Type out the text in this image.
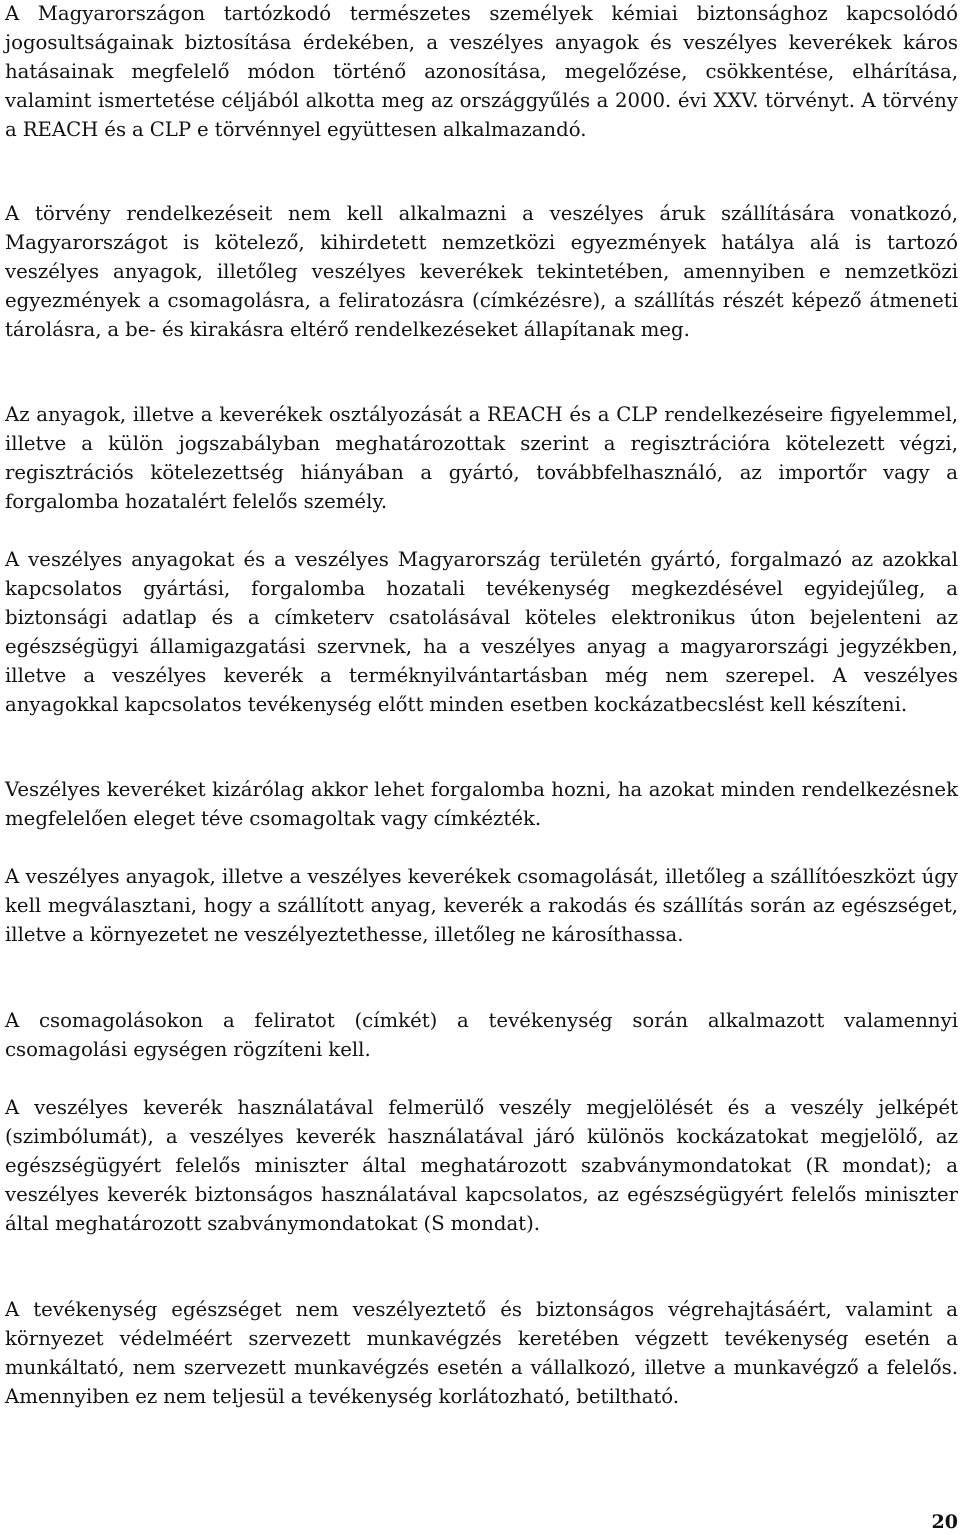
A Magyarországon tartózkodó természetes személyek kémiai biztonsághoz kapcsolódó jogosultságainak biztosítása érdekében, a veszélyes anyagok és veszélyes keverékek káros hatásainak megfelelő módon történő azonosítása, megelőzése, csökkentése, elhárítása, valamint ismertetése céljából alkotta meg az országgyűlés a 2000. évi XXV. törvényt. A törvény a REACH és a CLP e törvénnyel együttesen alkalmazandó.

A törvény rendelkezéseit nem kell alkalmazni a veszélyes áruk szállítására vonatkozó, Magyarországot is kötelező, kihirdetett nemzetközi egyezmények hatálya alá is tartozó veszélyes anyagok, illetőleg veszélyes keverékek tekintetében, amennyiben e nemzetközi egyezmények a csomagolásra, a feliratozásra (címkézésre), a szállítás részét képező átmeneti tárolásra, a be- és kirakásra eltérő rendelkezéseket állapítanak meg.

Az anyagok, illetve a keverékek osztályozását a REACH és a CLP rendelkezéseire figyelemmel, illetve a külön jogszabályban meghatározottak szerint a regisztrációra kötelezett végzi, regisztrációs kötelezettség hiányában a gyártó, továbbfelhasználó, az importőr vagy a forgalomba hozatalért felelős személy.

A veszélyes anyagokat és a veszélyes Magyarország területén gyártó, forgalmazó az azokkal kapcsolatos gyártási, forgalomba hozatali tevékenység megkezdésével egyidejűleg, a biztonsági adatlap és a címketerv csatolásával köteles elektronikus úton bejelenteni az egészségügyi államigazgatási szervnek, ha a veszélyes anyag a magyarországi jegyzékben, illetve a veszélyes keverék a terméknyilvántartásban még nem szerepel. A veszélyes anyagokkal kapcsolatos tevékenység előtt minden esetben kockázatbecslést kell készíteni.

Veszélyes keveréket kizárólag akkor lehet forgalomba hozni, ha azokat minden rendelkezésnek megfelelően eleget téve csomagoltak vagy címkézték.

A veszélyes anyagok, illetve a veszélyes keverékek csomagolását, illetőleg a szállítóeszközt úgy kell megválasztani, hogy a szállított anyag, keverék a rakodás és szállítás során az egészséget, illetve a környezetet ne veszélyeztethesse, illetőleg ne károsíthassa.

A csomagolásokon a feliratot (címkét) a tevékenység során alkalmazott valamennyi csomagolási egységen rögzíteni kell.

A veszélyes keverék használatával felmerülő veszély megjelölését és a veszély jelképét (szimbólumát), a veszélyes keverék használatával járó különös kockázatokat megjelölő, az egészségügyért felelős miniszter által meghatározott szabványmondatokat (R mondat); a veszélyes keverék biztonságos használatával kapcsolatos, az egészségügyért felelős miniszter által meghatározott szabványmondatokat (S mondat).

A tevékenység egészséget nem veszélyeztető és biztonságos végrehajtásáért, valamint a környezet védelméért szervezett munkavégzés keretében végzett tevékenység esetén a munkáltató, nem szervezett munkavégzés esetén a vállalkozó, illetve a munkavégző a felelős. Amennyiben ez nem teljesül a tevékenység korlátozható, betiltható.

20
